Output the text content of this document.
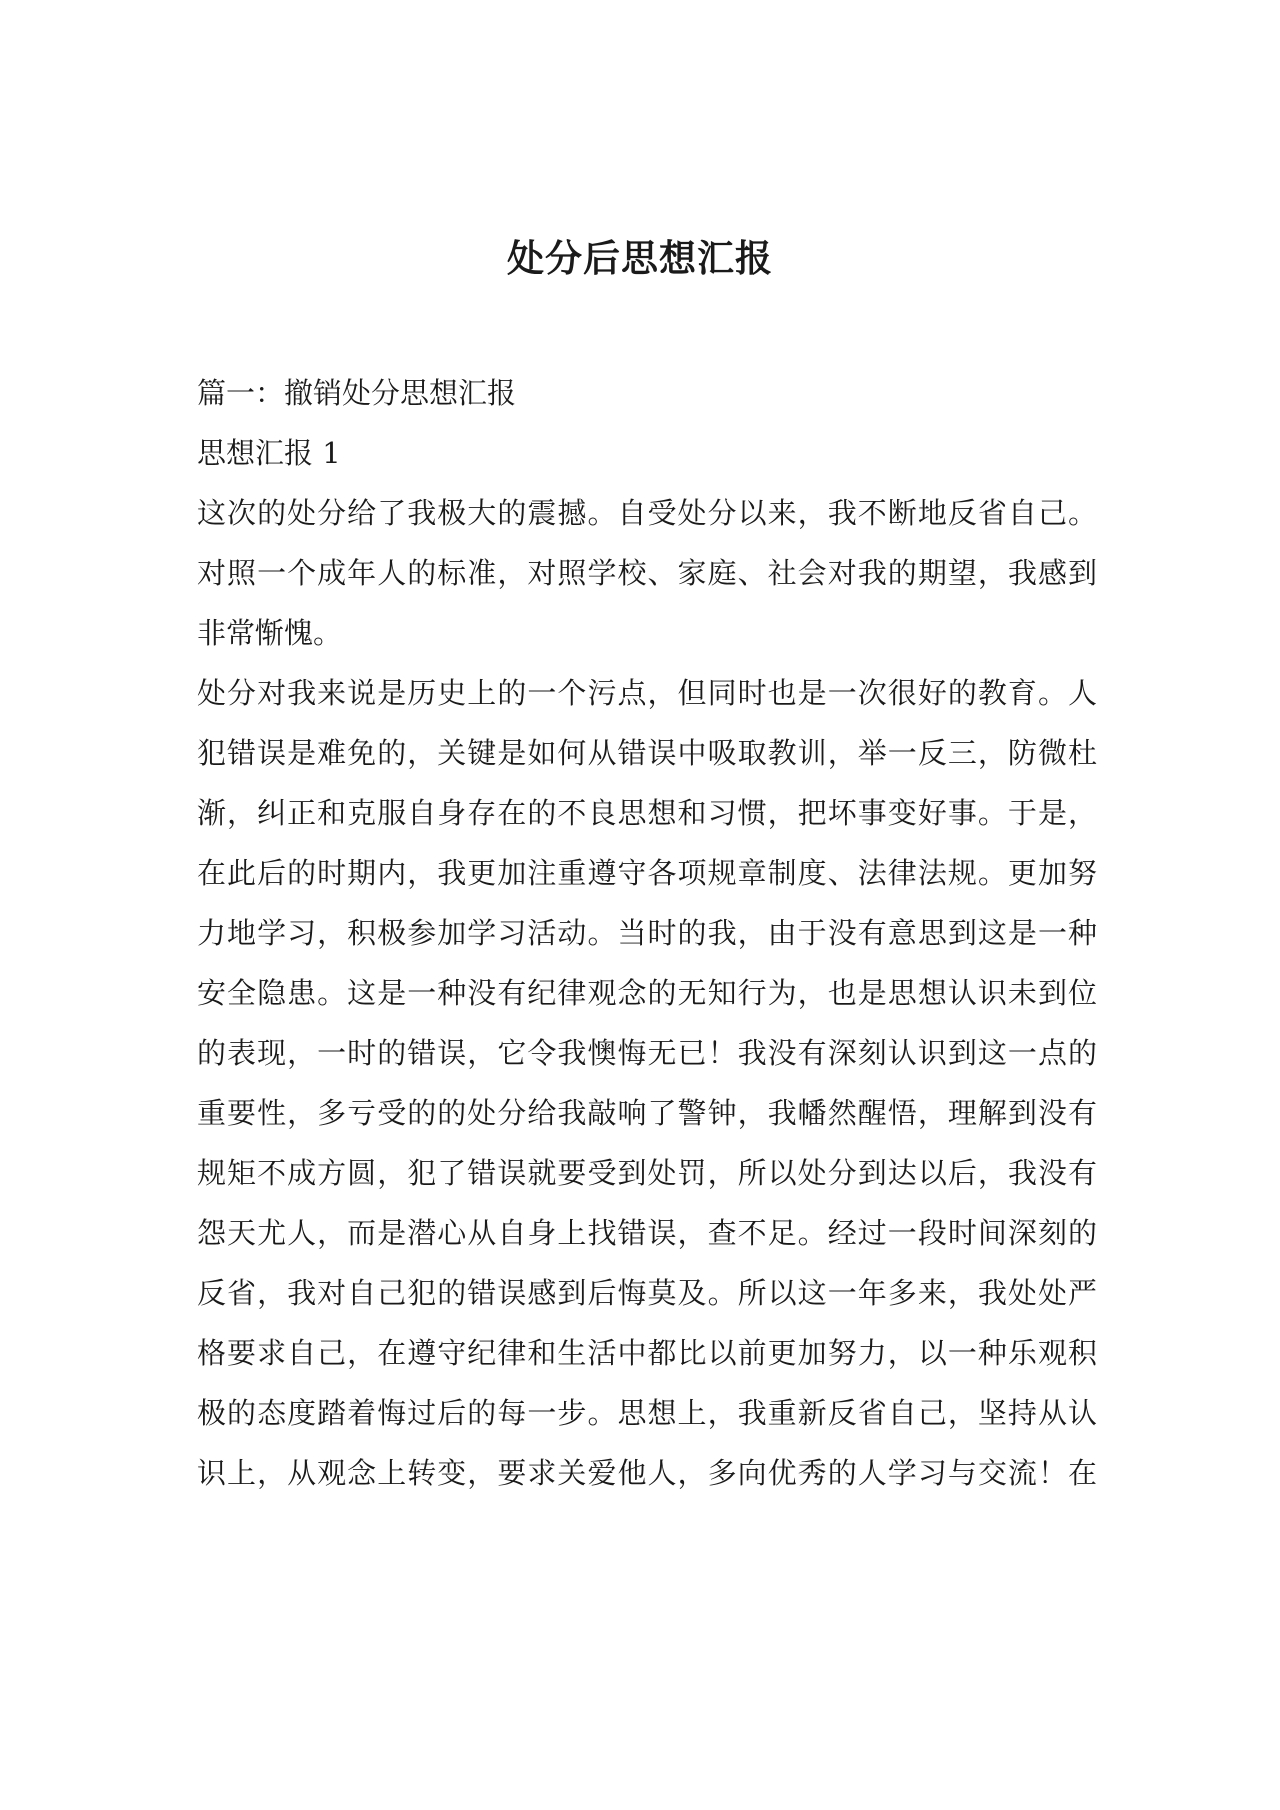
处分后思想汇报

篇一：撤销处分思想汇报

思想汇报 1

这次的处分给了我极大的震撼。自受处分以来，我不断地反省自己。
对照一个成年人的标准，对照学校、家庭、社会对我的期望，我感到
非常惭愧。
处分对我来说是历史上的一个污点，但同时也是一次很好的教育。人
犯错误是难免的，关键是如何从错误中吸取教训，举一反三，防微杜
渐，纠正和克服自身存在的不良思想和习惯，把坏事变好事。于是，
在此后的时期内，我更加注重遵守各项规章制度、法律法规。更加努
力地学习，积极参加学习活动。当时的我，由于没有意思到这是一种
安全隐患。这是一种没有纪律观念的无知行为，也是思想认识未到位
的表现，一时的错误，它令我懊悔无已！我没有深刻认识到这一点的
重要性，多亏受的的处分给我敲响了警钟，我幡然醒悟，理解到没有
规矩不成方圆，犯了错误就要受到处罚，所以处分到达以后，我没有
怨天尤人，而是潜心从自身上找错误，查不足。经过一段时间深刻的
反省，我对自己犯的错误感到后悔莫及。所以这一年多来，我处处严
格要求自己，在遵守纪律和生活中都比以前更加努力，以一种乐观积
极的态度踏着悔过后的每一步。思想上，我重新反省自己，坚持从认
识上，从观念上转变，要求关爱他人，多向优秀的人学习与交流！在
